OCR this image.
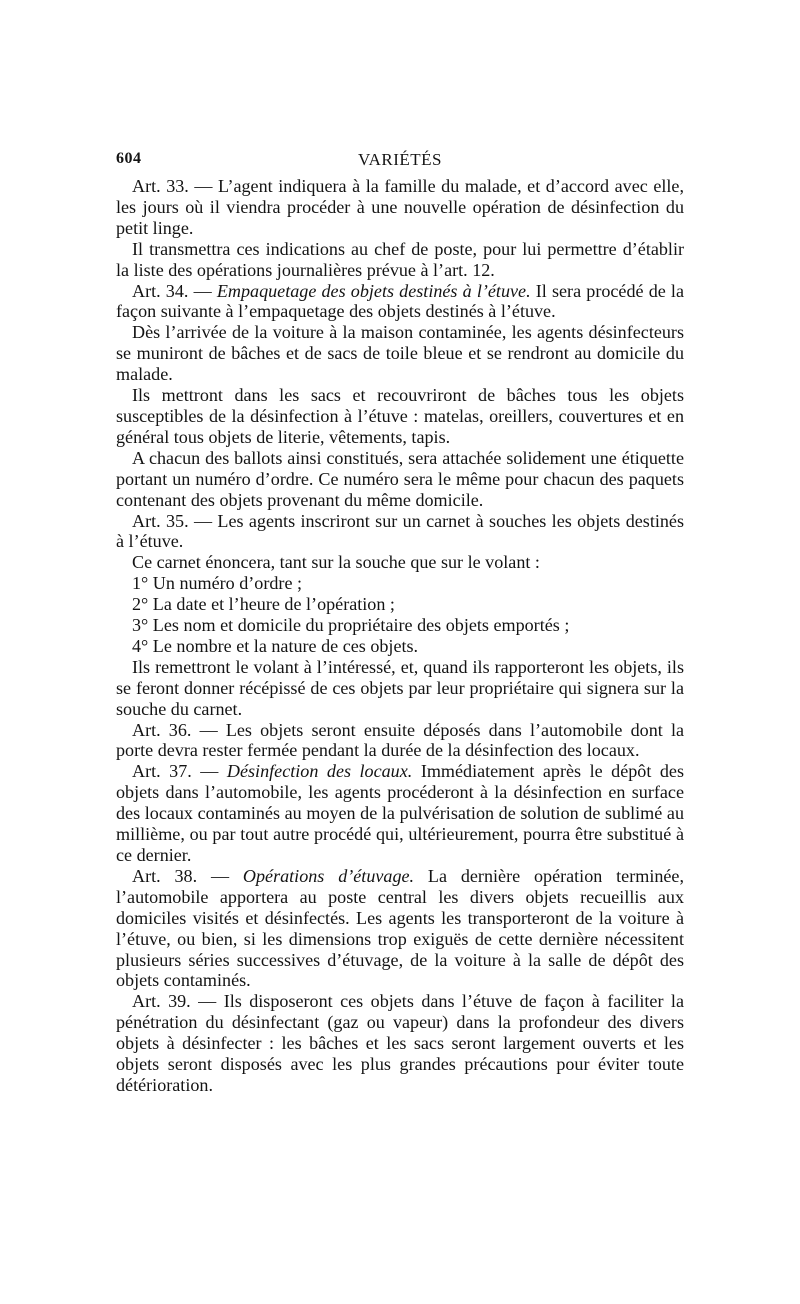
604	VARIÉTÉS

Art. 33. — L’agent indiquera à la famille du malade, et d’accord avec elle, les jours où il viendra procéder à une nouvelle opération de désinfection du petit linge.

Il transmettra ces indications au chef de poste, pour lui permettre d’établir la liste des opérations journalières prévue à l’art. 12.

Art. 34. — Empaquetage des objets destinés à l’étuve. Il sera procédé de la façon suivante à l’empaquetage des objets destinés à l’étuve.

Dès l’arrivée de la voiture à la maison contaminée, les agents désinfecteurs se muniront de bâches et de sacs de toile bleue et se rendront au domicile du malade.

Ils mettront dans les sacs et recouvriront de bâches tous les objets susceptibles de la désinfection à l’étuve : matelas, oreillers, couvertures et en général tous objets de literie, vêtements, tapis.

A chacun des ballots ainsi constitués, sera attachée solidement une étiquette portant un numéro d’ordre. Ce numéro sera le même pour chacun des paquets contenant des objets provenant du même domicile.

Art. 35. — Les agents inscriront sur un carnet à souches les objets destinés à l’étuve.

Ce carnet énoncera, tant sur la souche que sur le volant :

1° Un numéro d’ordre ;

2° La date et l’heure de l’opération ;

3° Les nom et domicile du propriétaire des objets emportés ;

4° Le nombre et la nature de ces objets.

Ils remettront le volant à l’intéressé, et, quand ils rapporteront les objets, ils se feront donner récépissé de ces objets par leur propriétaire qui signera sur la souche du carnet.

Art. 36. — Les objets seront ensuite déposés dans l’automobile dont la porte devra rester fermée pendant la durée de la désinfection des locaux.

Art. 37. — Désinfection des locaux. Immédiatement après le dépôt des objets dans l’automobile, les agents procéderont à la désinfection en surface des locaux contaminés au moyen de la pulvérisation de solution de sublimé au millième, ou par tout autre procédé qui, ultérieurement, pourra être substitué à ce dernier.

Art. 38. — Opérations d’étuvage. La dernière opération terminée, l’automobile apportera au poste central les divers objets recueillis aux domiciles visités et désinfectés. Les agents les transporteront de la voiture à l’étuve, ou bien, si les dimensions trop exiguës de cette dernière nécessitent plusieurs séries successives d’étuvage, de la voiture à la salle de dépôt des objets contaminés.

Art. 39. — Ils disposeront ces objets dans l’étuve de façon à faciliter la pénétration du désinfectant (gaz ou vapeur) dans la profondeur des divers objets à désinfecter : les bâches et les sacs seront largement ouverts et les objets seront disposés avec les plus grandes précautions pour éviter toute détérioration.
